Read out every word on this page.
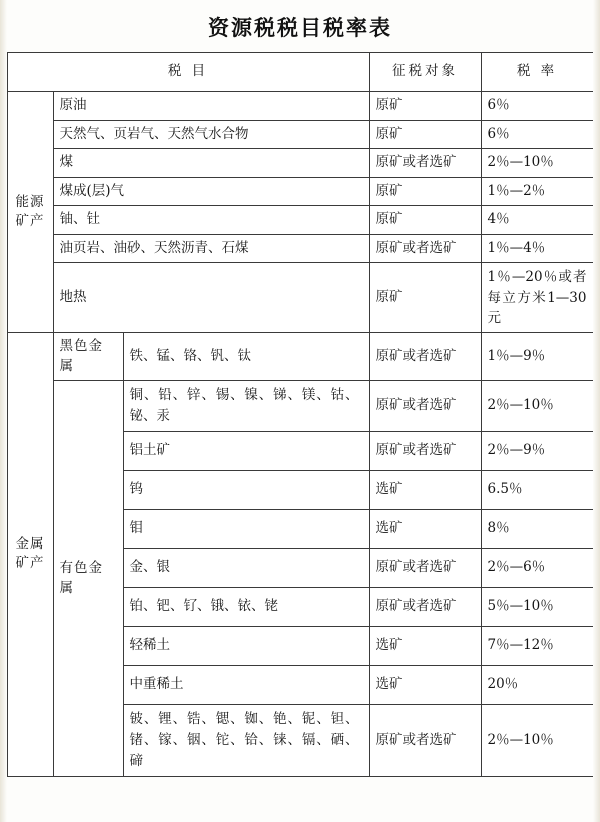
资源税税目税率表
税 目			征税对象	税 率

能源
矿产	原油		原矿	6％
	天然气、页岩气、天然气水合物		原矿	6％
	煤		原矿或者选矿	2％—10％
	煤成(层)气		原矿	1％—2％
	铀、钍		原矿	4％
	油页岩、油砂、天然沥青、石煤		原矿或者选矿	1％—4％
	地热		原矿	1％—20％或者每立方米1—30元

金属
矿产	黑色金属	铁、锰、铬、钒、钛	原矿或者选矿	1％—9％
	有色金属	铜、铅、锌、锡、镍、锑、镁、钴、铋、汞	原矿或者选矿	2％—10％
		铝土矿	原矿或者选矿	2％—9％
		钨	选矿	6.5％
		钼	选矿	8％
		金、银	原矿或者选矿	2％—6％
		铂、钯、钌、锇、铱、铑	原矿或者选矿	5％—10％
		轻稀土	选矿	7％—12％
		中重稀土	选矿	20％
		铍、锂、锆、锶、铷、铯、铌、钽、锗、镓、铟、铊、铪、铼、镉、硒、碲	原矿或者选矿	2％—10％
